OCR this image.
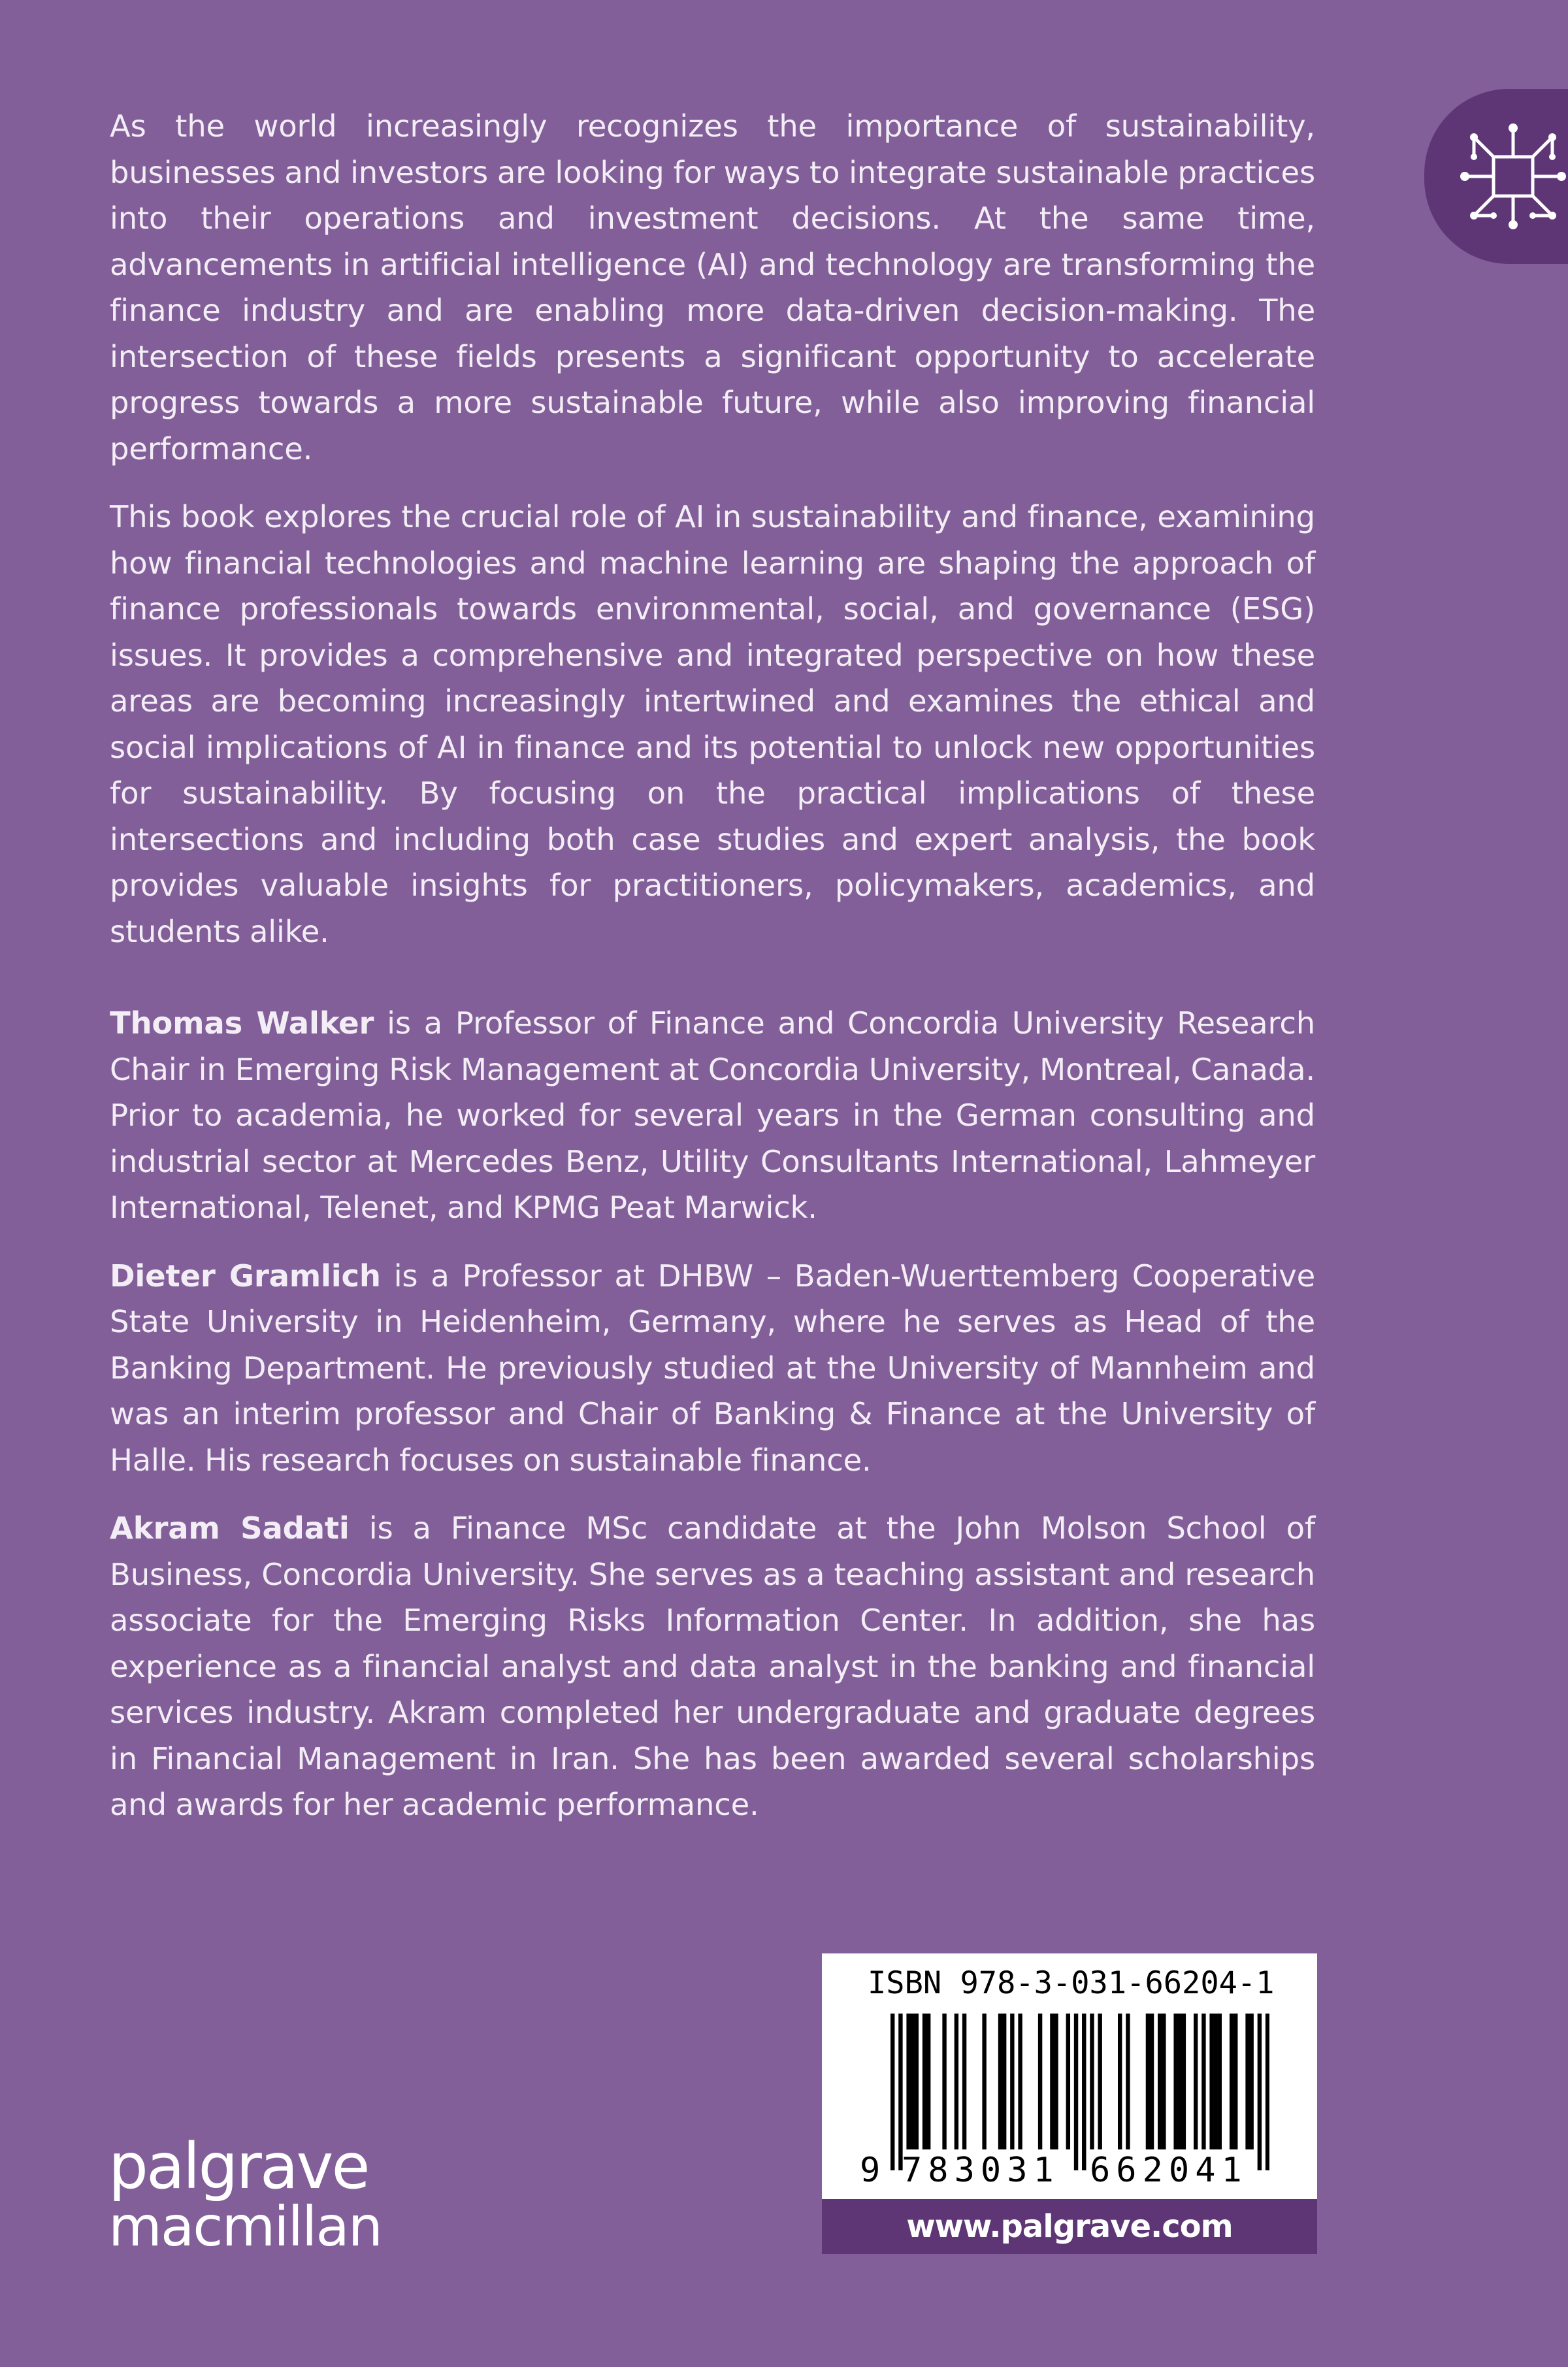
As the world increasingly recognizes the importance of sustainability, businesses and investors are looking for ways to integrate sustainable practices into their operations and investment decisions. At the same time, advancements in artificial intelligence (AI) and technology are transforming the finance industry and are enabling more data-driven decision-making. The intersection of these fields presents a significant opportunity to accelerate progress towards a more sustainable future, while also improving financial performance.

This book explores the crucial role of AI in sustainability and finance, examining how financial technologies and machine learning are shaping the approach of finance professionals towards environmental, social, and governance (ESG) issues. It provides a comprehensive and integrated perspective on how these areas are becoming increasingly intertwined and examines the ethical and social implications of AI in finance and its potential to unlock new opportunities for sustainability. By focusing on the practical implications of these intersections and including both case studies and expert analysis, the book provides valuable insights for practitioners, policymakers, academics, and students alike.

Thomas Walker is a Professor of Finance and Concordia University Research Chair in Emerging Risk Management at Concordia University, Montreal, Canada. Prior to academia, he worked for several years in the German consulting and industrial sector at Mercedes Benz, Utility Consultants International, Lahmeyer International, Telenet, and KPMG Peat Marwick.

Dieter Gramlich is a Professor at DHBW – Baden-Wuerttemberg Cooperative State University in Heidenheim, Germany, where he serves as Head of the Banking Department. He previously studied at the University of Mannheim and was an interim professor and Chair of Banking & Finance at the University of Halle. His research focuses on sustainable finance.

Akram Sadati is a Finance MSc candidate at the John Molson School of Business, Concordia University. She serves as a teaching assistant and research associate for the Emerging Risks Information Center. In addition, she has experience as a financial analyst and data analyst in the banking and financial services industry. Akram completed her undergraduate and graduate degrees in Financial Management in Iran. She has been awarded several scholarships and awards for her academic performance.

palgrave
macmillan
ISBN 978-3-031-66204-1
9 783031 662041
www.palgrave.com
